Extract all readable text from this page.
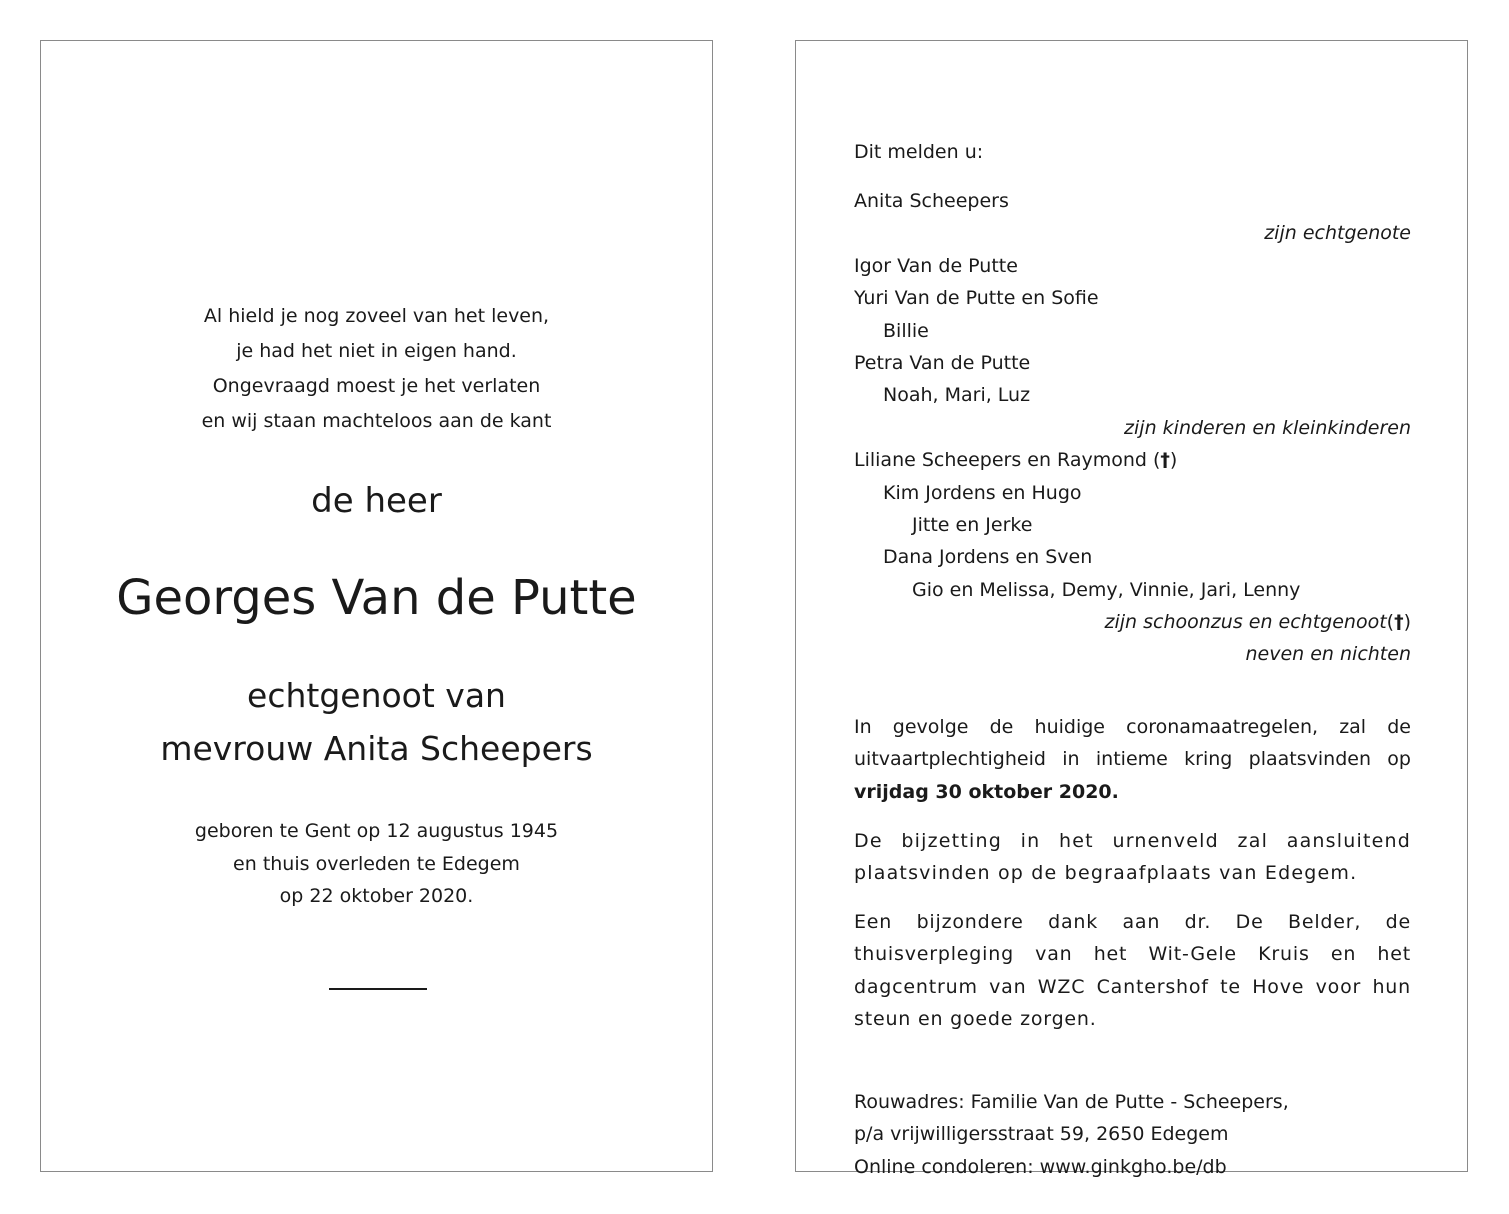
Al hield je nog zoveel van het leven,
je had het niet in eigen hand.
Ongevraagd moest je het verlaten
en wij staan machteloos aan de kant
de heer
Georges Van de Putte
echtgenoot van
mevrouw Anita Scheepers
geboren te Gent op 12 augustus 1945
en thuis overleden te Edegem
op 22 oktober 2020.
Dit melden u:
Anita Scheepers
zijn echtgenote
Igor Van de Putte
Yuri Van de Putte en Sofie
Billie
Petra Van de Putte
Noah, Mari, Luz
zijn kinderen en kleinkinderen
Liliane Scheepers en Raymond (†)
Kim Jordens en Hugo
Jitte en Jerke
Dana Jordens en Sven
Gio en Melissa, Demy, Vinnie, Jari, Lenny
zijn schoonzus en echtgenoot(†)
neven en nichten
In gevolge de huidige coronamaatregelen, zal de uitvaartplechtigheid in intieme kring plaatsvinden op vrijdag 30 oktober 2020.
De bijzetting in het urnenveld zal aansluitend plaatsvinden op de begraafplaats van Edegem.
Een bijzondere dank aan dr. De Belder, de thuisverpleging van het Wit-Gele Kruis en het dagcentrum van WZC Cantershof te Hove voor hun steun en goede zorgen.
Rouwadres: Familie Van de Putte - Scheepers,
p/a vrijwilligersstraat 59, 2650 Edegem
Online condoleren: www.ginkgho.be/db
